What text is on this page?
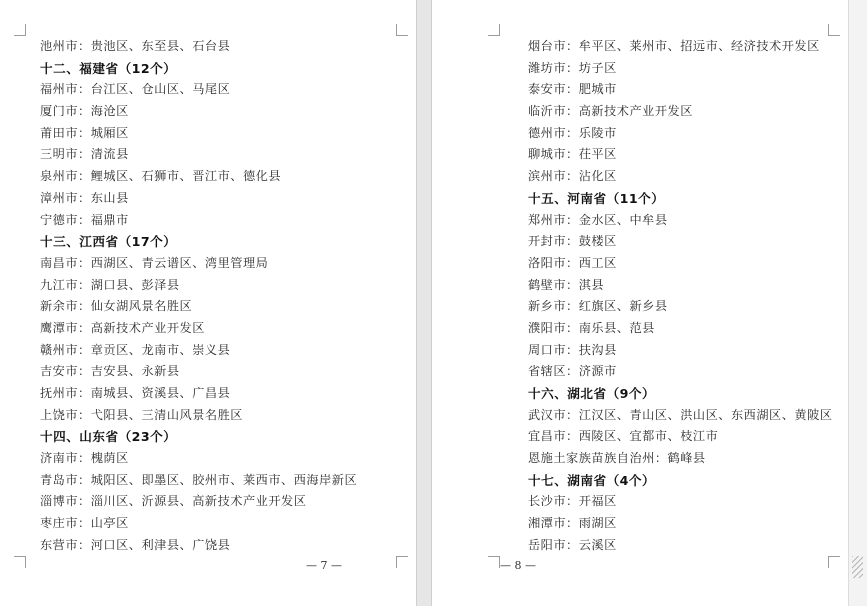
池州市：贵池区、东至县、石台县
十二、福建省（12个）
福州市：台江区、仓山区、马尾区
厦门市：海沧区
莆田市：城厢区
三明市：清流县
泉州市：鲤城区、石狮市、晋江市、德化县
漳州市：东山县
宁德市：福鼎市
十三、江西省（17个）
南昌市：西湖区、青云谱区、湾里管理局
九江市：湖口县、彭泽县
新余市：仙女湖风景名胜区
鹰潭市：高新技术产业开发区
赣州市：章贡区、龙南市、崇义县
吉安市：吉安县、永新县
抚州市：南城县、资溪县、广昌县
上饶市：弋阳县、三清山风景名胜区
十四、山东省（23个）
济南市：槐荫区
青岛市：城阳区、即墨区、胶州市、莱西市、西海岸新区
淄博市：淄川区、沂源县、高新技术产业开发区
枣庄市：山亭区
东营市：河口区、利津县、广饶县
— 7 —
烟台市：牟平区、莱州市、招远市、经济技术开发区
潍坊市：坊子区
泰安市：肥城市
临沂市：高新技术产业开发区
德州市：乐陵市
聊城市：茌平区
滨州市：沾化区
十五、河南省（11个）
郑州市：金水区、中牟县
开封市：鼓楼区
洛阳市：西工区
鹤壁市：淇县
新乡市：红旗区、新乡县
濮阳市：南乐县、范县
周口市：扶沟县
省辖区：济源市
十六、湖北省（9个）
武汉市：江汉区、青山区、洪山区、东西湖区、黄陂区
宜昌市：西陵区、宜都市、枝江市
恩施土家族苗族自治州：鹤峰县
十七、湖南省（4个）
长沙市：开福区
湘潭市：雨湖区
岳阳市：云溪区
— 8 —
